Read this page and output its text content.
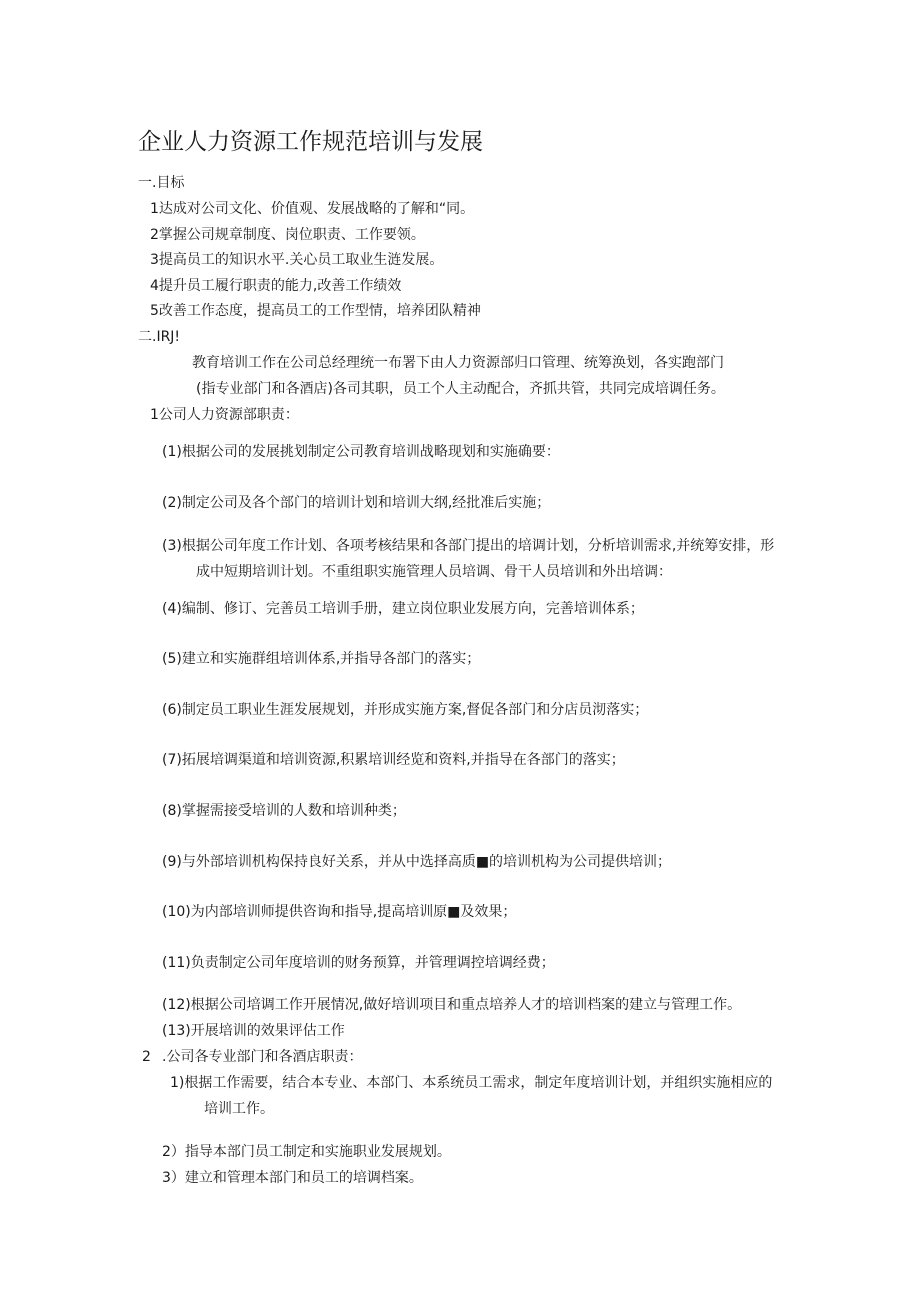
企业人力资源工作规范培训与发展
一.目标
1达成对公司文化、价值观、发展战略的了解和“同。
2掌握公司规章制度、岗位职责、工作要领。
3提高员工的知识水平.关心员工取业生涟发展。
4提升员工履行职责的能力,改善工作绩效
5改善工作态度，提高员工的工作型情，培养团队精神
二.IRJ!
教育培训工作在公司总经理统一布署下由人力资源部归口管理、统筹涣划，各实跑部门
(指专业部门和各酒店)各司其职，员工个人主动配合，齐抓共管，共同完成培调任务。
1公司人力资源部职责：
(1)根据公司的发展挑划制定公司教育培训战略现划和实施确要：
(2)制定公司及各个部门的培训计划和培训大纲,经批准后实施；
(3)根据公司年度工作计划、各项考核结果和各部门提出的培调计划，分析培训需求,并统筹安排，形
成中短期培训计划。不重组职实施管理人员培调、骨干人员培训和外出培调：
(4)编制、修订、完善员工培训手册，建立岗位职业发展方向，完善培训体系；
(5)建立和实施群组培训体系,并指导各部门的落实；
(6)制定员工职业生涯发展规划，并形成实施方案,督促各部门和分店员沏落实；
(7)拓展培调渠道和培训资源,积累培训经览和资料,并指导在各部门的落实；
(8)掌握需接受培训的人数和培训种类；
(9)与外部培训机构保持良好关系，并从中选择高质■的培训机构为公司提供培训；
(10)为内部培训师提供咨询和指导,提高培训原■及效果；
(11)负责制定公司年度培训的财务预算，并管理调控培调经费；
(12)根据公司培调工作开展情况,做好培训项目和重点培养人才的培训档案的建立与管理工作。
(13)开展培训的效果评估工作
2 .公司各专业部门和各酒店职责：
1)根据工作需要，结合本专业、本部门、本系统员工需求，制定年度培训计划，并组织实施相应的
培训工作。
2）指导本部门员工制定和实施职业发展规划。
3）建立和管理本部门和员工的培调档案。
